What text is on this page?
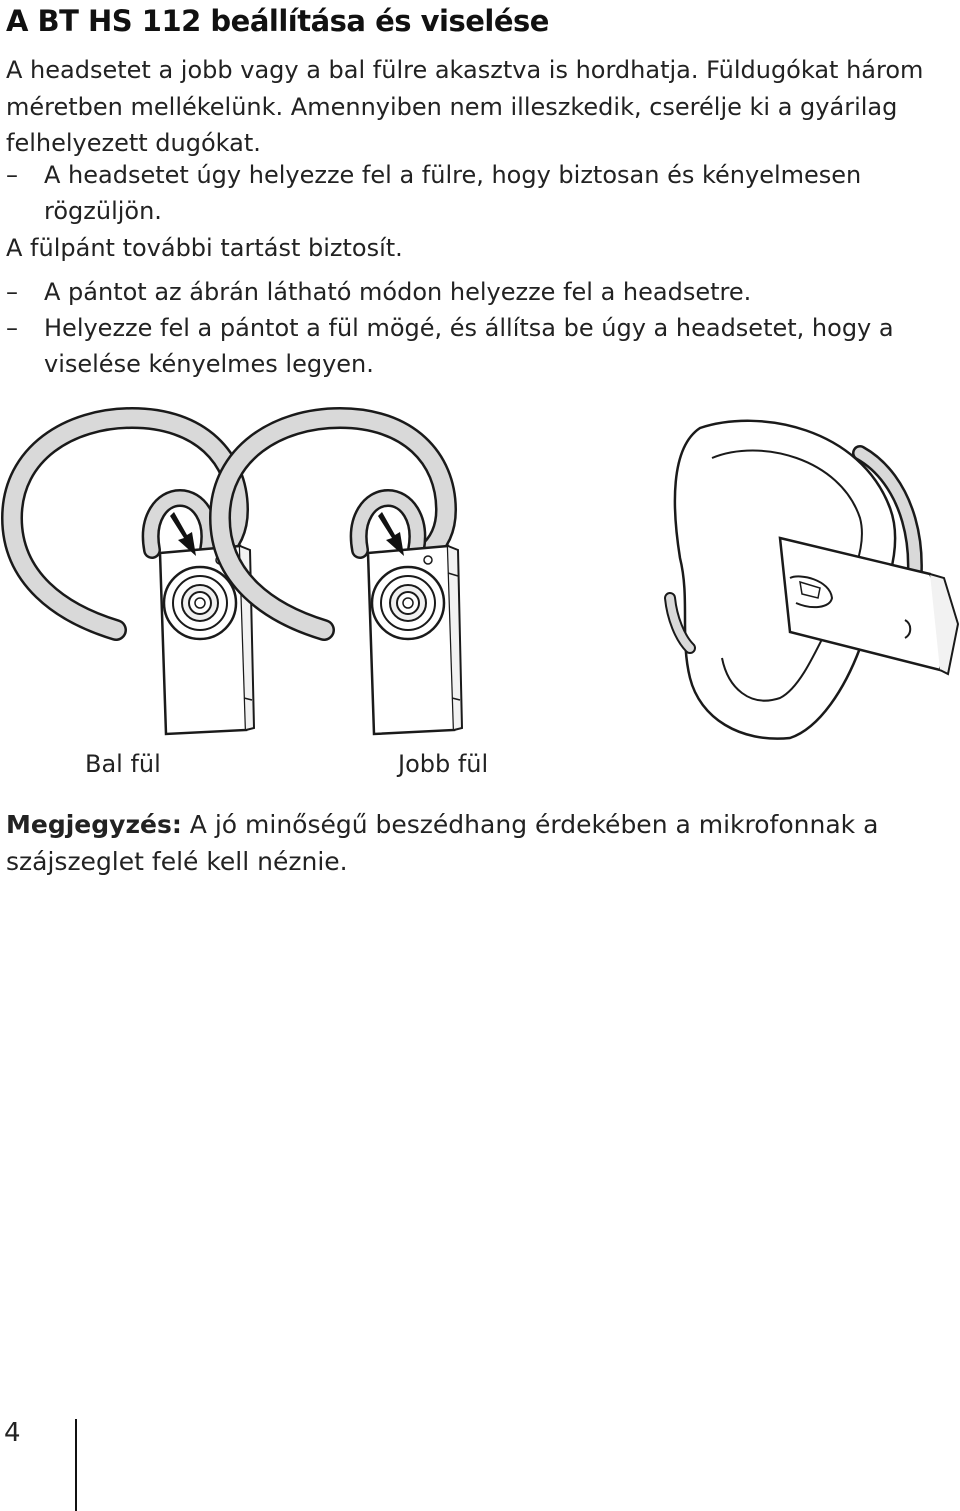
A BT HS 112 beállítása és viselése

A headsetet a jobb vagy a bal fülre akasztva is hordhatja. Füldugókat három méretben mellékelünk. Amennyiben nem illeszkedik, cserélje ki a gyárilag felhelyezett dugókat.

–	A headsetet úgy helyezze fel a fülre, hogy biztosan és kényelmesen rögzüljön.

A fülpánt további tartást biztosít.

–	A pántot az ábrán látható módon helyezze fel a headsetre.
–	Helyezze fel a pántot a fül mögé, és állítsa be úgy a headsetet, hogy a viselése kényelmes legyen.
Bal fül	Jobb fül

Megjegyzés: A jó minőségű beszédhang érdekében a mikrofonnak a szájszeglet felé kell néznie.

4
